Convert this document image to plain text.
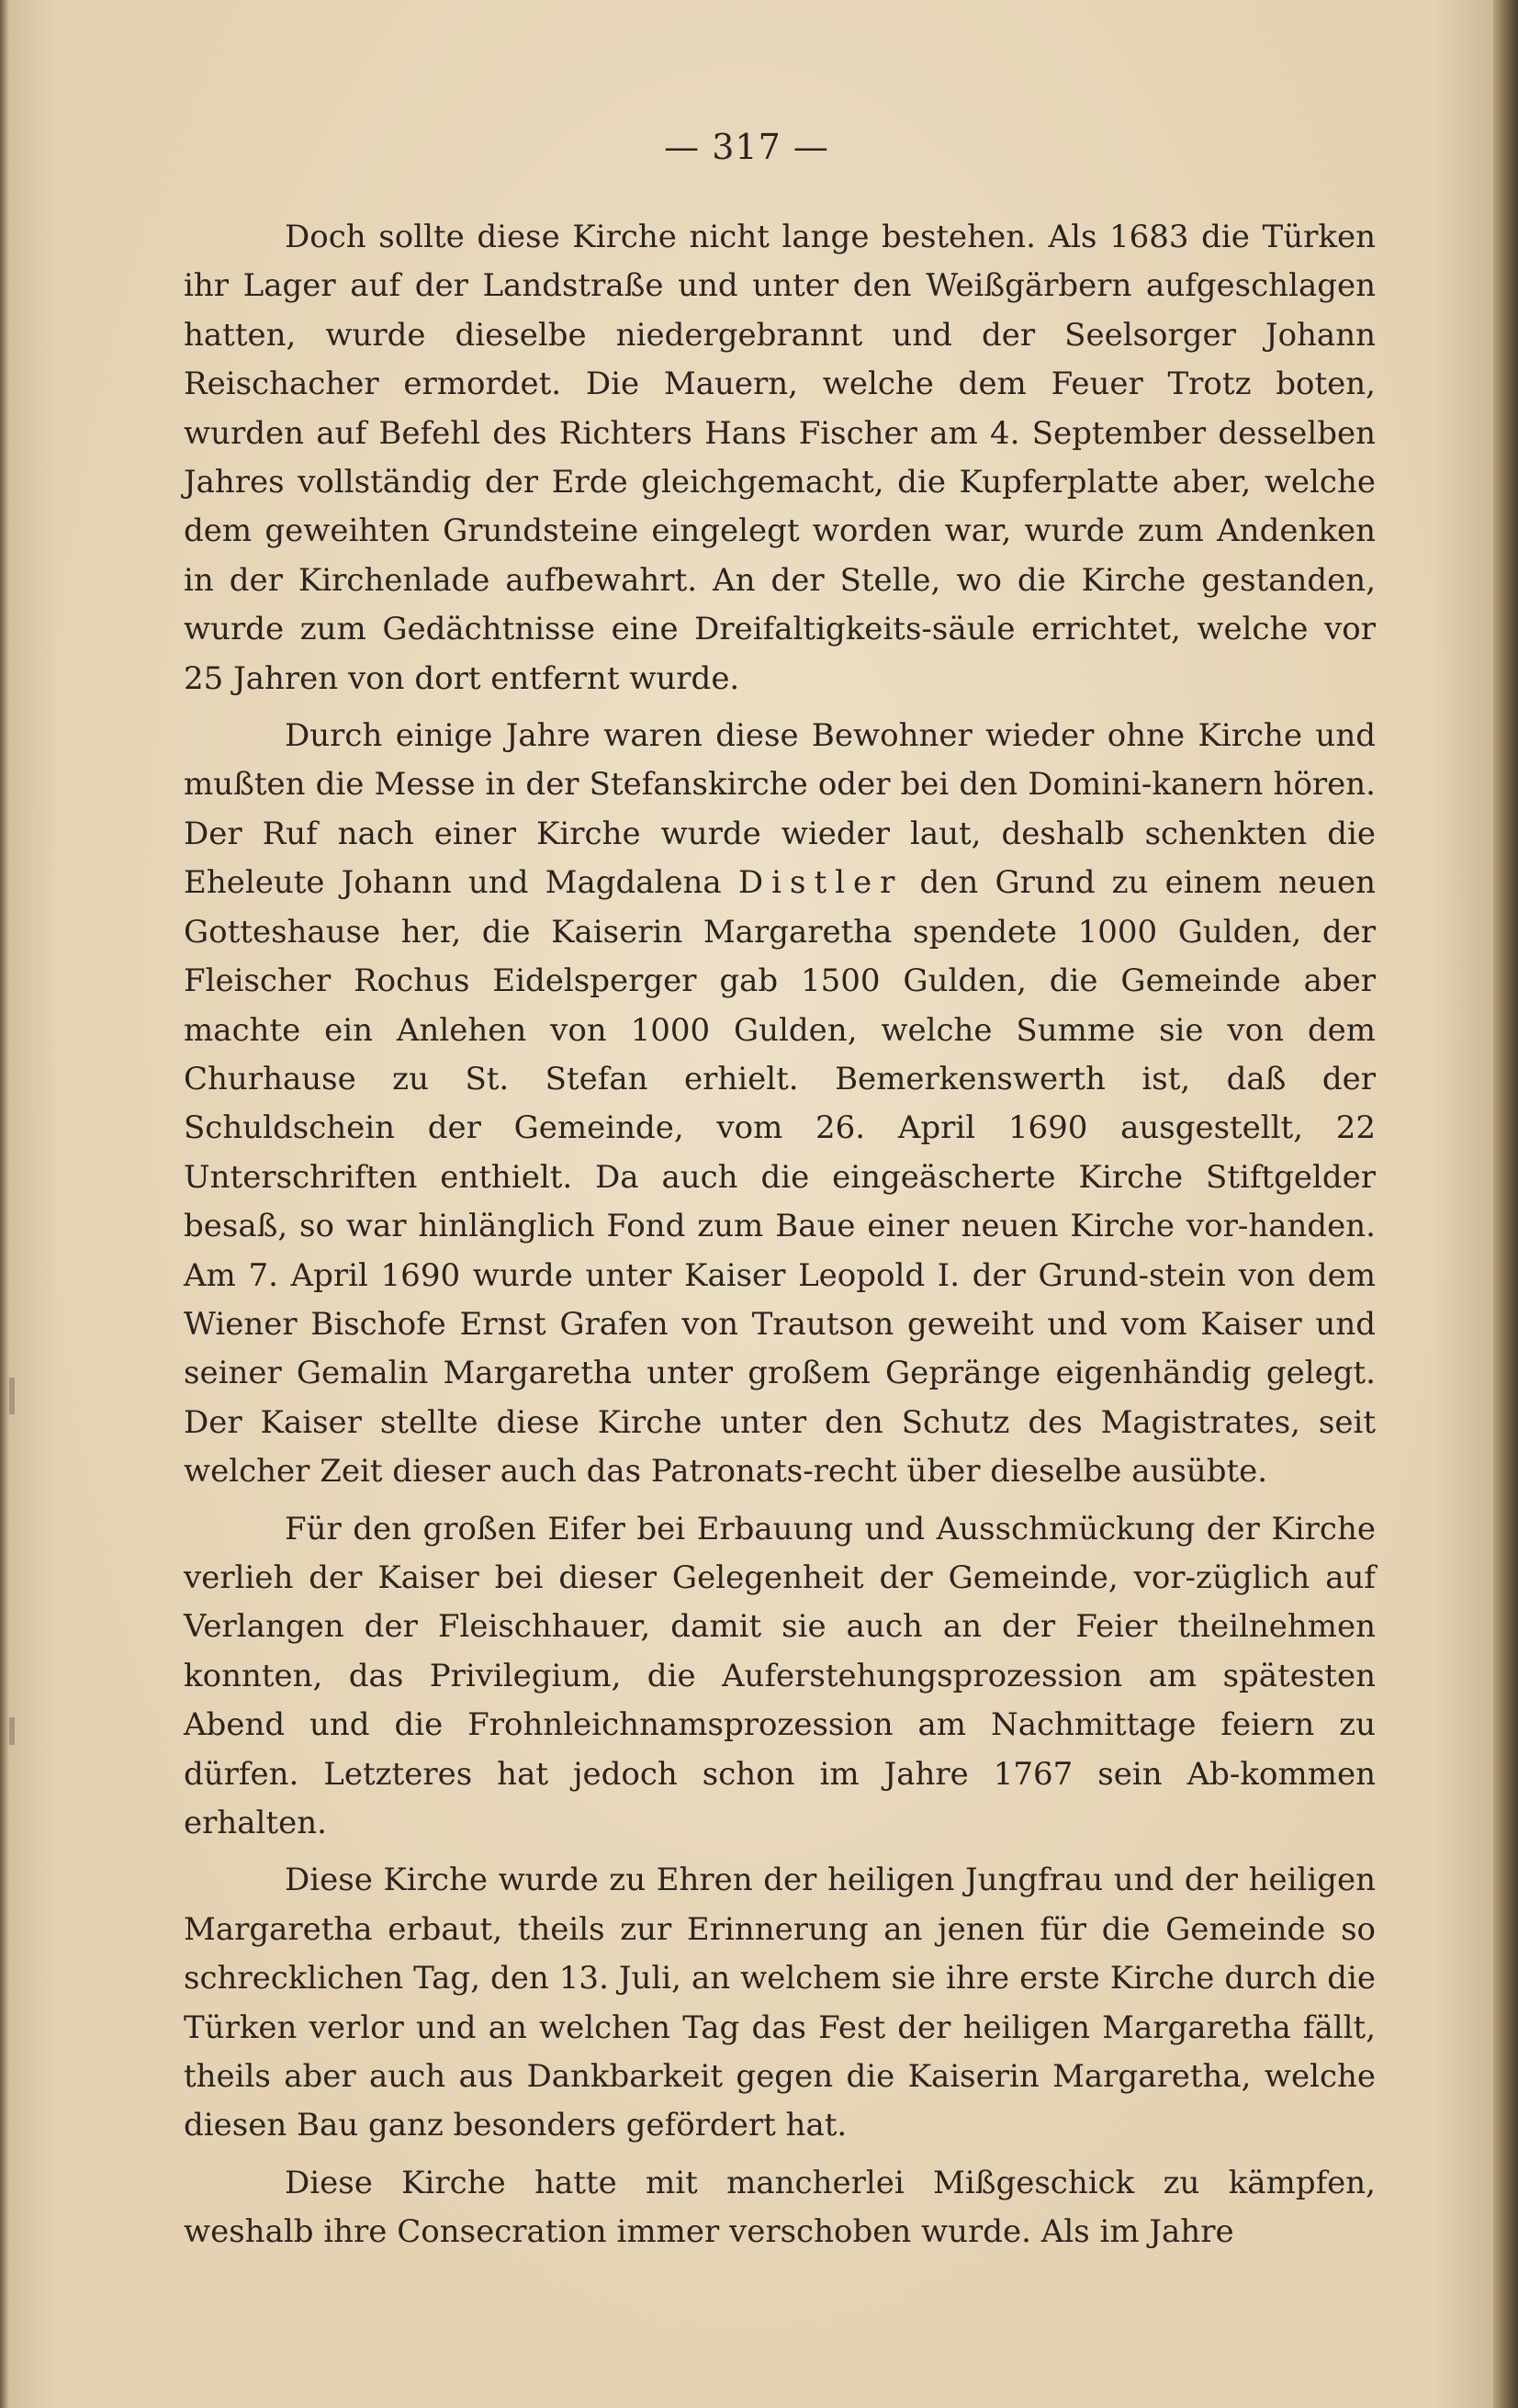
— 317 —

Doch sollte diese Kirche nicht lange bestehen. Als 1683 die Türken ihr Lager auf der Landstraße und unter den Weißgärbern aufgeschlagen hatten, wurde dieselbe niedergebrannt und der Seelsorger Johann Reischacher ermordet. Die Mauern, welche dem Feuer Trotz boten, wurden auf Befehl des Richters Hans Fischer am 4. September desselben Jahres vollständig der Erde gleichgemacht, die Kupferplatte aber, welche dem geweihten Grundsteine eingelegt worden war, wurde zum Andenken in der Kirchenlade aufbewahrt. An der Stelle, wo die Kirche gestanden, wurde zum Gedächtnisse eine Dreifaltigkeits-säule errichtet, welche vor 25 Jahren von dort entfernt wurde.

Durch einige Jahre waren diese Bewohner wieder ohne Kirche und mußten die Messe in der Stefanskirche oder bei den Domini-kanern hören. Der Ruf nach einer Kirche wurde wieder laut, deshalb schenkten die Eheleute Johann und Magdalena Distler den Grund zu einem neuen Gotteshause her, die Kaiserin Margaretha spendete 1000 Gulden, der Fleischer Rochus Eidelsperger gab 1500 Gulden, die Gemeinde aber machte ein Anlehen von 1000 Gulden, welche Summe sie von dem Churhause zu St. Stefan erhielt. Bemerkenswerth ist, daß der Schuldschein der Gemeinde, vom 26. April 1690 ausgestellt, 22 Unterschriften enthielt. Da auch die eingeäscherte Kirche Stiftgelder besaß, so war hinlänglich Fond zum Baue einer neuen Kirche vor-handen. Am 7. April 1690 wurde unter Kaiser Leopold I. der Grund-stein von dem Wiener Bischofe Ernst Grafen von Trautson geweiht und vom Kaiser und seiner Gemalin Margaretha unter großem Gepränge eigenhändig gelegt. Der Kaiser stellte diese Kirche unter den Schutz des Magistrates, seit welcher Zeit dieser auch das Patronats-recht über dieselbe ausübte.

Für den großen Eifer bei Erbauung und Ausschmückung der Kirche verlieh der Kaiser bei dieser Gelegenheit der Gemeinde, vor-züglich auf Verlangen der Fleischhauer, damit sie auch an der Feier theilnehmen konnten, das Privilegium, die Auferstehungsprozession am spätesten Abend und die Frohnleichnamsprozession am Nachmittage feiern zu dürfen. Letzteres hat jedoch schon im Jahre 1767 sein Ab-kommen erhalten.

Diese Kirche wurde zu Ehren der heiligen Jungfrau und der heiligen Margaretha erbaut, theils zur Erinnerung an jenen für die Gemeinde so schrecklichen Tag, den 13. Juli, an welchem sie ihre erste Kirche durch die Türken verlor und an welchen Tag das Fest der heiligen Margaretha fällt, theils aber auch aus Dankbarkeit gegen die Kaiserin Margaretha, welche diesen Bau ganz besonders gefördert hat.

Diese Kirche hatte mit mancherlei Mißgeschick zu kämpfen, weshalb ihre Consecration immer verschoben wurde. Als im Jahre
